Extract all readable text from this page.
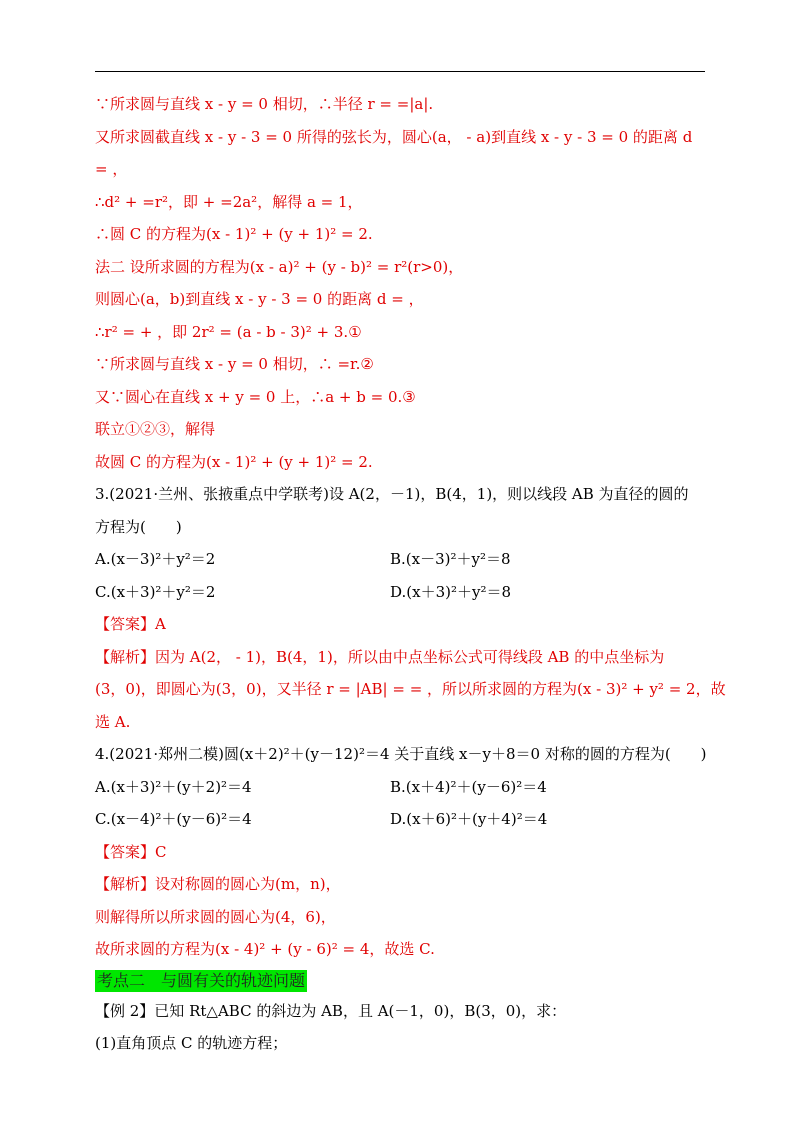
∵所求圆与直线 x - y = 0 相切，∴半径 r = =|a|.
又所求圆截直线 x - y - 3 = 0 所得的弦长为，圆心(a， - a)到直线 x - y - 3 = 0 的距离 d
= ，
∴d² + =r²，即 + =2a²，解得 a = 1，
∴圆 C 的方程为(x - 1)² + (y + 1)² = 2.
法二 设所求圆的方程为(x - a)² + (y - b)² = r²(r>0)，
则圆心(a，b)到直线 x - y - 3 = 0 的距离 d = ，
∴r² = + ，即 2r² = (a - b - 3)² + 3.①
∵所求圆与直线 x - y = 0 相切，∴ =r.②
又∵圆心在直线 x + y = 0 上，∴a + b = 0.③
联立①②③，解得
故圆 C 的方程为(x - 1)² + (y + 1)² = 2.
3.(2021·兰州、张掖重点中学联考)设 A(2，－1)，B(4，1)，则以线段 AB 为直径的圆的
方程为(　　)
A.(x－3)²＋y²＝2	B.(x－3)²＋y²＝8
C.(x＋3)²＋y²＝2	D.(x＋3)²＋y²＝8
【答案】A
【解析】因为 A(2， - 1)，B(4，1)，所以由中点坐标公式可得线段 AB 的中点坐标为
(3，0)，即圆心为(3，0)，又半径 r = |AB| = = ，所以所求圆的方程为(x - 3)² + y² = 2，故
选 A.
4.(2021·郑州二模)圆(x＋2)²＋(y－12)²＝4 关于直线 x－y＋8＝0 对称的圆的方程为(　　)
A.(x＋3)²＋(y＋2)²＝4	B.(x＋4)²＋(y－6)²＝4
C.(x－4)²＋(y－6)²＝4	D.(x＋6)²＋(y＋4)²＝4
【答案】C
【解析】设对称圆的圆心为(m，n)，
则解得所以所求圆的圆心为(4，6)，
故所求圆的方程为(x - 4)² + (y - 6)² = 4，故选 C.
考点二　与圆有关的轨迹问题
【例 2】已知 Rt△ABC 的斜边为 AB，且 A(－1，0)，B(3，0)，求：
(1)直角顶点 C 的轨迹方程；
